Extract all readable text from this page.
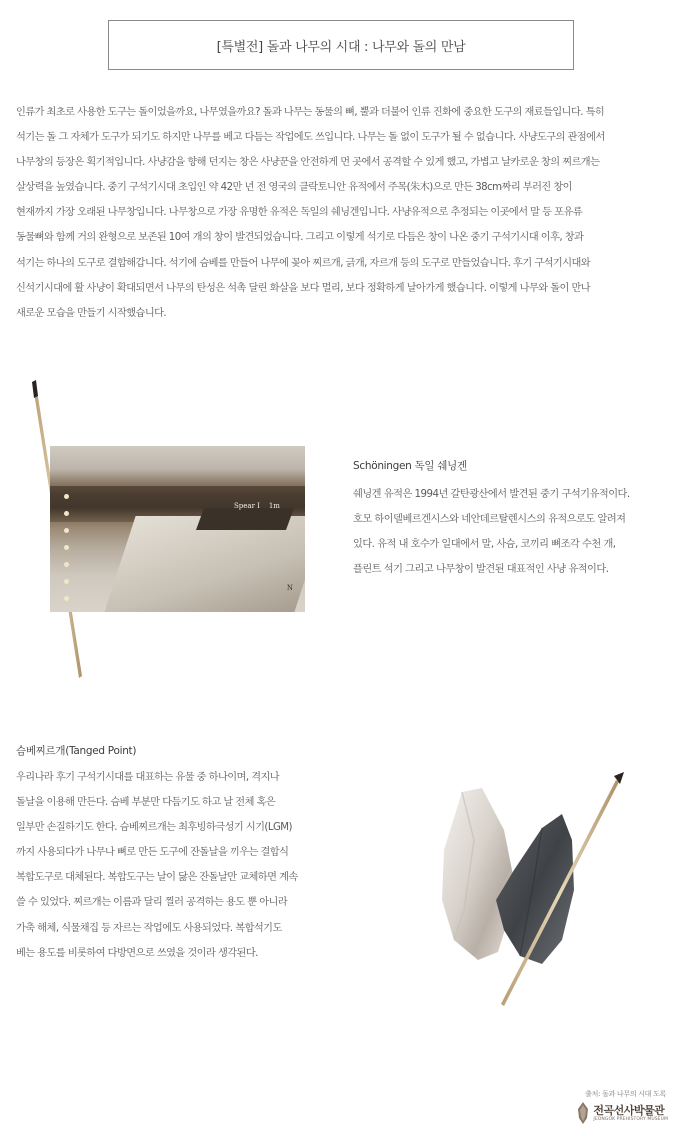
[특별전] 돌과 나무의 시대 : 나무와 돌의 만남

인류가 최초로 사용한 도구는 돌이었을까요, 나무였을까요? 돌과 나무는 동물의 뼈, 뿔과 더불어 인류 진화에 중요한 도구의 재료들입니다. 특히

석기는 돌 그 자체가 도구가 되기도 하지만 나무를 베고 다듬는 작업에도 쓰입니다. 나무는 돌 없이 도구가 될 수 없습니다. 사냥도구의 관점에서

나무창의 등장은 획기적입니다. 사냥감을 향해 던지는 창은 사냥꾼을 안전하게 먼 곳에서 공격할 수 있게 했고, 가볍고 날카로운 창의 찌르개는

살상력을 높였습니다. 중기 구석기시대 초입인 약 42만 년 전 영국의 클락토니안 유적에서 주목(朱木)으로 만든 38cm짜리 부러진 창이

현재까지 가장 오래된 나무창입니다. 나무창으로 가장 유명한 유적은 독일의 쉐닝겐입니다. 사냥유적으로 추정되는 이곳에서 말 등 포유류

동물뼈와 함께 거의 완형으로 보존된 10여 개의 창이 발견되었습니다. 그리고 이렇게 석기로 다듬은 창이 나온 중기 구석기시대 이후, 창과

석기는 하나의 도구로 결합해갑니다. 석기에 슴베를 만들어 나무에 꽂아 찌르개, 긁개, 자르개 등의 도구로 만들었습니다. 후기 구석기시대와

신석기시대에 활 사냥이 확대되면서 나무의 탄성은 석촉 달린 화살을 보다 멀리, 보다 정확하게 날아가게 했습니다. 이렇게 나무와 돌이 만나

새로운 모습을 만들기 시작했습니다.

Spear I 1m
N
Schöningen 독일 쉐닝겐

쉐닝겐 유적은 1994년 갈탄광산에서 발견된 중기 구석기유적이다.

호모 하이델베르겐시스와 네안데르탈렌시스의 유적으로도 알려져

있다. 유적 내 호수가 일대에서 말, 사슴, 코끼리 뼈조각 수천 개,

플린트 석기 그리고 나무창이 발견된 대표적인 사냥 유적이다.

슴베찌르개(Tanged Point)

우리나라 후기 구석기시대를 대표하는 유물 중 하나이며, 격지나

돌날을 이용해 만든다. 슴베 부분만 다듬기도 하고 날 전체 혹은

일부만 손질하기도 한다. 슴베찌르개는 최후빙하극성기 시기(LGM)

까지 사용되다가 나무나 뼈로 만든 도구에 잔돌날을 끼우는 결합식

복합도구로 대체된다. 복합도구는 날이 닳은 잔돌날만 교체하면 계속

쓸 수 있었다. 찌르개는 이름과 달리 찔러 공격하는 용도 뿐 아니라

가축 해체, 식물채집 등 자르는 작업에도 사용되었다. 복합석기도

베는 용도를 비롯하여 다방면으로 쓰였을 것이라 생각된다.

출처: 돌과 나무의 시대 도록
전곡선사박물관
JEONGOK PREHISTORY MUSEUM
